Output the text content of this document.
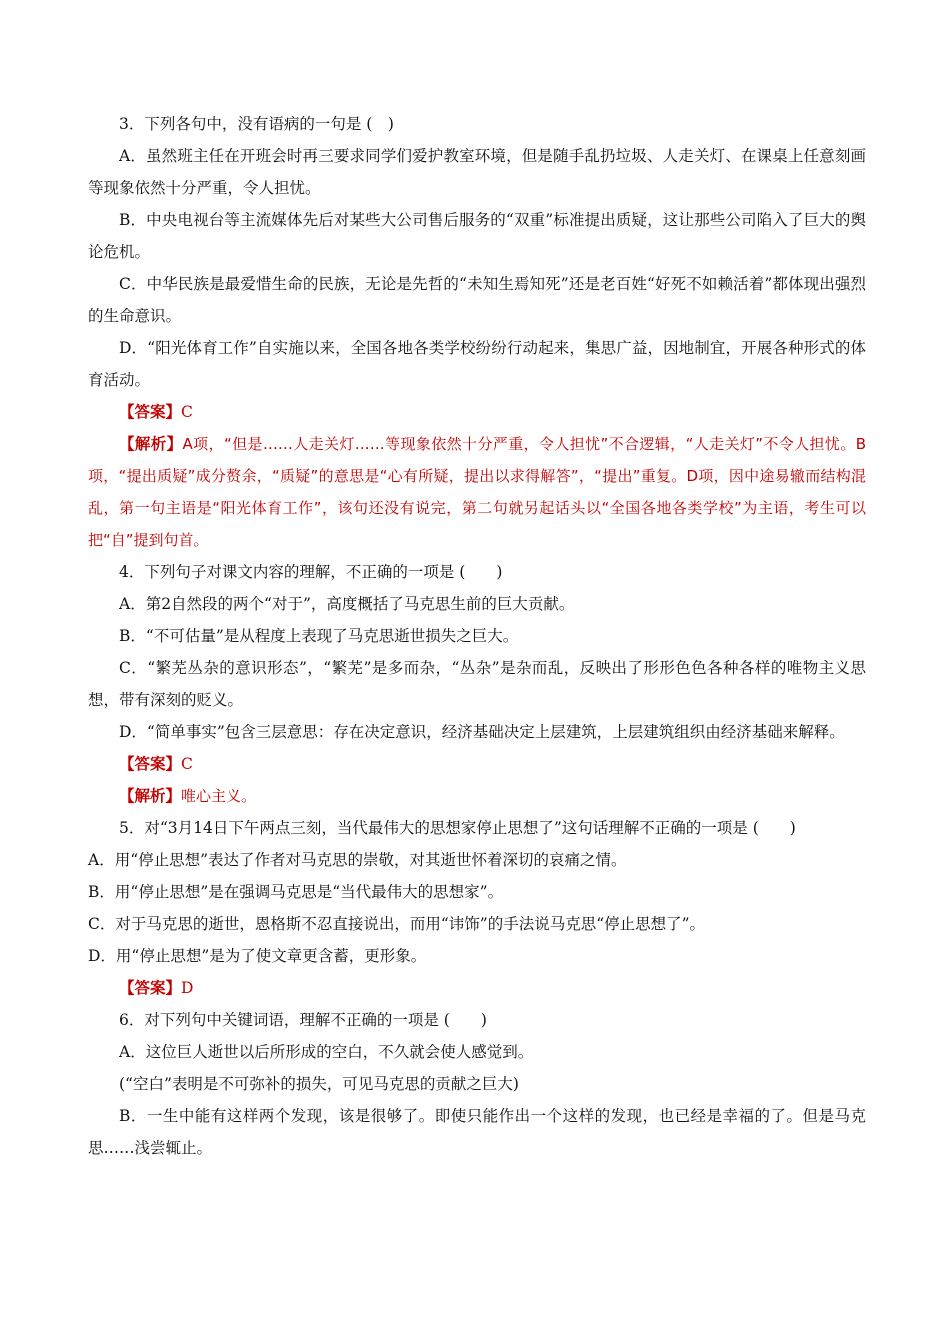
3．下列各句中，没有语病的一句是 (　)

A．虽然班主任在开班会时再三要求同学们爱护教室环境，但是随手乱扔垃圾、人走关灯、在课桌上任意刻画等现象依然十分严重，令人担忧。

B．中央电视台等主流媒体先后对某些大公司售后服务的“双重”标准提出质疑，这让那些公司陷入了巨大的舆论危机。

C．中华民族是最爱惜生命的民族，无论是先哲的“未知生焉知死”还是老百姓“好死不如赖活着”都体现出强烈的生命意识。

D．“阳光体育工作”自实施以来，全国各地各类学校纷纷行动起来，集思广益，因地制宜，开展各种形式的体育活动。

【答案】C

【解析】A项，“但是……人走关灯……等现象依然十分严重，令人担忧”不合逻辑，“人走关灯”不令人担忧。B项，“提出质疑”成分赘余，“质疑”的意思是“心有所疑，提出以求得解答”，“提出”重复。D项，因中途易辙而结构混乱，第一句主语是“阳光体育工作”，该句还没有说完，第二句就另起话头以“全国各地各类学校”为主语，考生可以把“自”提到句首。

4．下列句子对课文内容的理解，不正确的一项是 (　　)

A．第2自然段的两个“对于”，高度概括了马克思生前的巨大贡献。

B．“不可估量”是从程度上表现了马克思逝世损失之巨大。

C．“繁芜丛杂的意识形态”，“繁芜”是多而杂，“丛杂”是杂而乱，反映出了形形色色各种各样的唯物主义思想，带有深刻的贬义。

D．“简单事实”包含三层意思：存在决定意识，经济基础决定上层建筑，上层建筑组织由经济基础来解释。

【答案】C

【解析】唯心主义。

5．对“3月14日下午两点三刻，当代最伟大的思想家停止思想了”这句话理解不正确的一项是 (　　)

A．用“停止思想”表达了作者对马克思的崇敬，对其逝世怀着深切的哀痛之情。

B．用“停止思想”是在强调马克思是“当代最伟大的思想家”。

C．对于马克思的逝世，恩格斯不忍直接说出，而用“讳饰”的手法说马克思“停止思想了”。

D．用“停止思想”是为了使文章更含蓄，更形象。

【答案】D

6．对下列句中关键词语，理解不正确的一项是 (　　)

A．这位巨人逝世以后所形成的空白，不久就会使人感觉到。

(“空白”表明是不可弥补的损失，可见马克思的贡献之巨大)

B．一生中能有这样两个发现，该是很够了。即使只能作出一个这样的发现，也已经是幸福的了。但是马克思……浅尝辄止。
